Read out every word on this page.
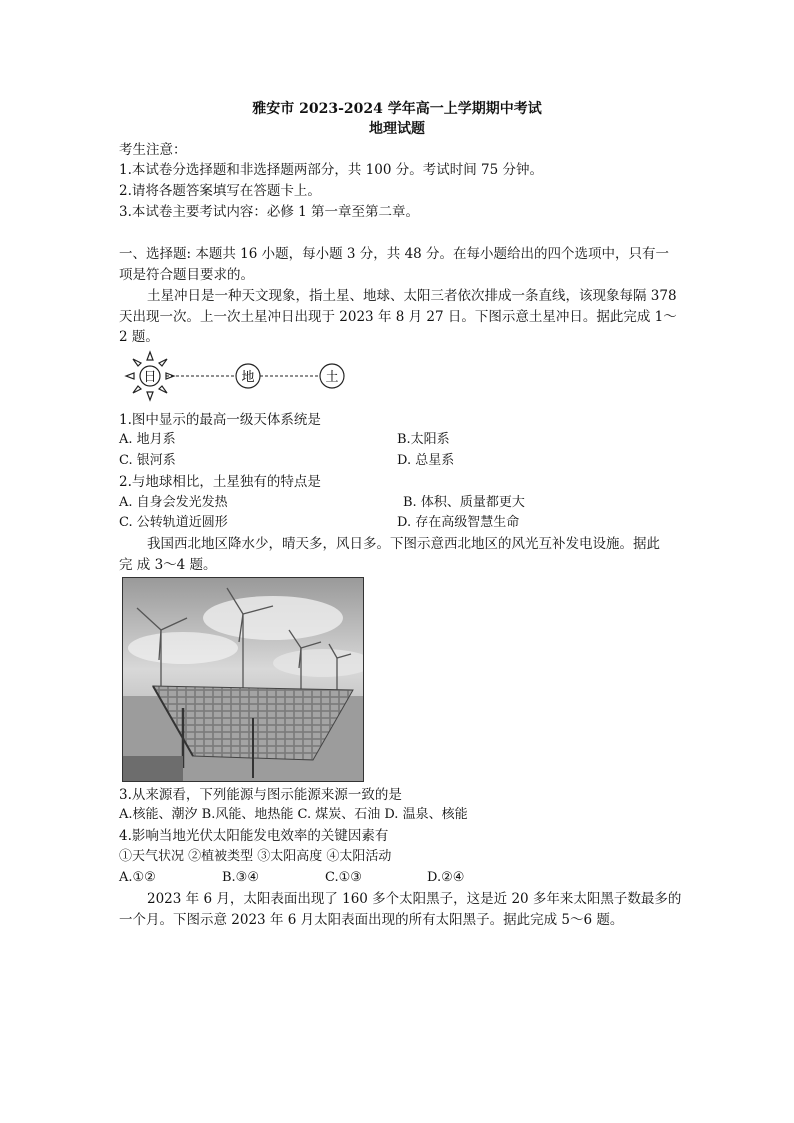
雅安市 2023-2024 学年高一上学期期中考试
地理试题
考生注意：
1.本试卷分选择题和非选择题两部分，共 100 分。考试时间 75 分钟。
2.请将各题答案填写在答题卡上。
3.本试卷主要考试内容：必修 1 第一章至第二章。
一、选择题: 本题共 16 小题，每小题 3 分，共 48 分。在每小题给出的四个选项中，只有一
项是符合题目要求的。
土星冲日是一种天文现象，指土星、地球、太阳三者依次排成一条直线，该现象每隔 378
天出现一次。上一次土星冲日出现于 2023 年 8 月 27 日。下图示意土星冲日。据此完成 1～
2 题。
日	地	土
1.图中显示的最高一级天体系统是
A. 地月系	B.太阳系
C. 银河系	D. 总星系
2.与地球相比，土星独有的特点是
A. 自身会发光发热	B. 体积、质量都更大
C. 公转轨道近圆形	D. 存在高级智慧生命
我国西北地区降水少，晴天多，风日多。下图示意西北地区的风光互补发电设施。据此
完 成 3～4 题。
3.从来源看，下列能源与图示能源来源一致的是
A.核能、潮汐 B.风能、地热能 C. 煤炭、石油 D. 温泉、核能
4.影响当地光伏太阳能发电效率的关键因素有
①天气状况 ②植被类型 ③太阳高度 ④太阳活动
A.①②	B.③④	C.①③	D.②④
2023 年 6 月，太阳表面出现了 160 多个太阳黑子，这是近 20 多年来太阳黑子数最多的
一个月。下图示意 2023 年 6 月太阳表面出现的所有太阳黑子。据此完成 5～6 题。
